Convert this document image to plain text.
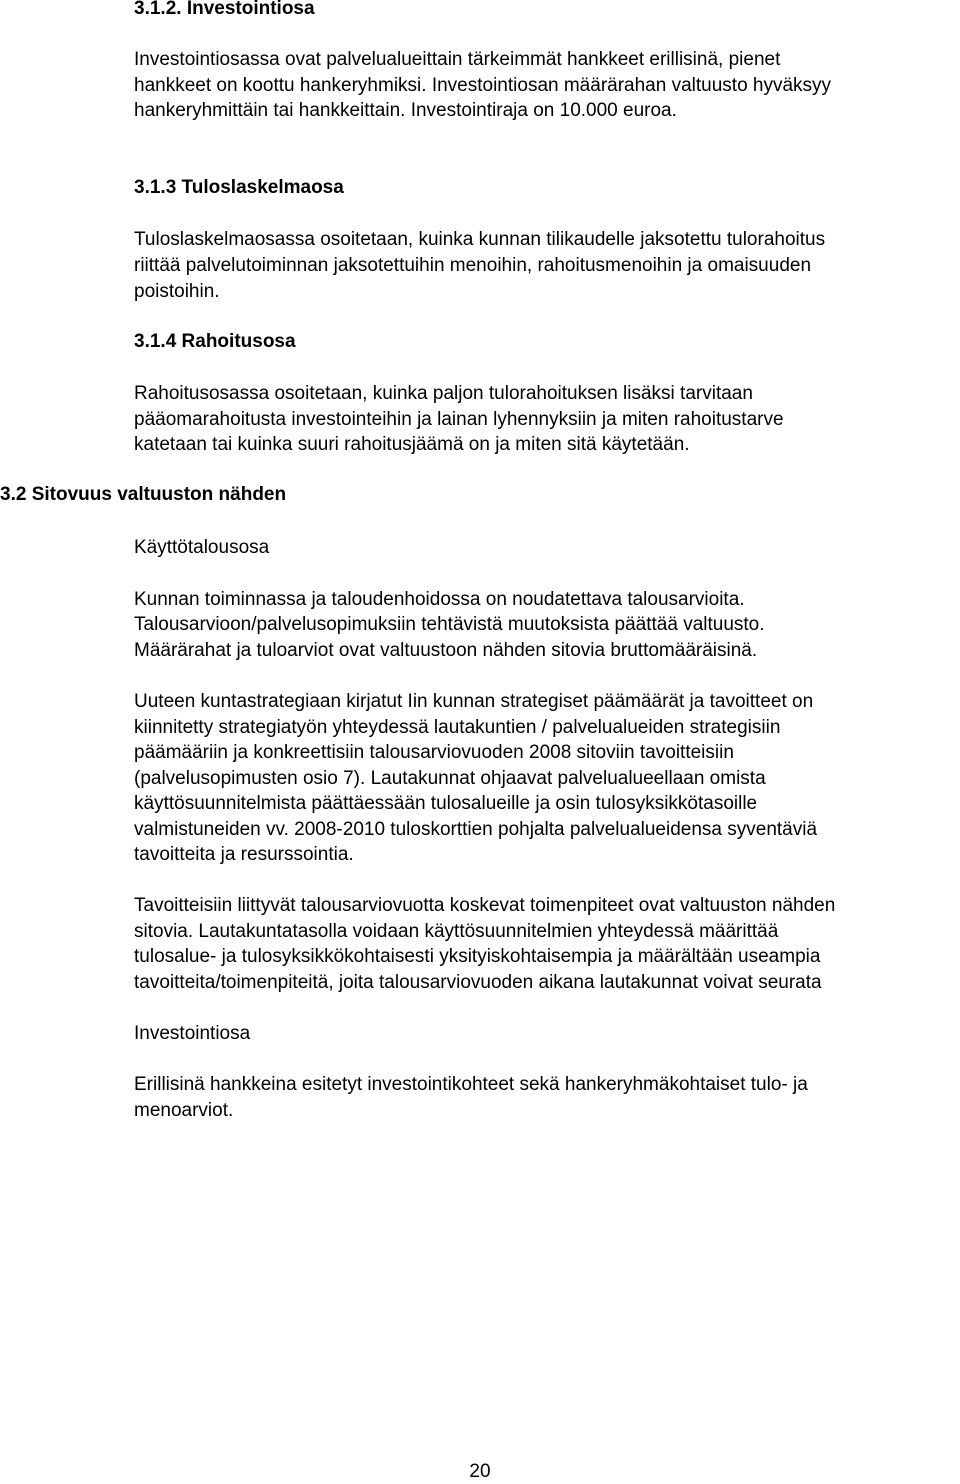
3.1.2. Investointiosa
Investointiosassa ovat palvelualueittain tärkeimmät hankkeet erillisinä, pienet
hankkeet on koottu hankeryhmiksi. Investointiosan määrärahan valtuusto hyväksyy
hankeryhmittäin tai hankkeittain. Investointiraja on 10.000 euroa.
3.1.3 Tuloslaskelmaosa
Tuloslaskelmaosassa osoitetaan, kuinka kunnan tilikaudelle jaksotettu tulorahoitus
riittää palvelutoiminnan jaksotettuihin menoihin, rahoitusmenoihin ja omaisuuden
poistoihin.
3.1.4 Rahoitusosa
Rahoitusosassa osoitetaan, kuinka paljon tulorahoituksen lisäksi tarvitaan
pääomarahoitusta investointeihin ja lainan lyhennyksiin ja miten rahoitustarve
katetaan tai kuinka suuri rahoitusjäämä on ja miten sitä käytetään.
3.2 Sitovuus valtuuston nähden
Käyttötalousosa
Kunnan toiminnassa ja taloudenhoidossa on noudatettava talousarvioita.
Talousarvioon/palvelusopimuksiin tehtävistä muutoksista päättää valtuusto.
Määrärahat ja tuloarviot ovat valtuustoon nähden sitovia bruttomääräisinä.
Uuteen kuntastrategiaan kirjatut Iin kunnan strategiset päämäärät ja tavoitteet on
kiinnitetty strategiatyön yhteydessä lautakuntien / palvelualueiden strategisiin
päämääriin ja konkreettisiin talousarviovuoden 2008 sitoviin tavoitteisiin
(palvelusopimusten osio 7). Lautakunnat ohjaavat palvelualueellaan omista
käyttösuunnitelmista päättäessään tulosalueille ja osin tulosyksikkötasoille
valmistuneiden vv. 2008-2010 tuloskorttien pohjalta palvelualueidensa syventäviä
tavoitteita ja resurssointia.
Tavoitteisiin liittyvät talousarviovuotta koskevat toimenpiteet ovat valtuuston nähden
sitovia. Lautakuntatasolla voidaan käyttösuunnitelmien yhteydessä määrittää
tulosalue- ja tulosyksikkökohtaisesti yksityiskohtaisempia ja määrältään useampia
tavoitteita/toimenpiteitä, joita talousarviovuoden aikana lautakunnat voivat seurata
Investointiosa
Erillisinä hankkeina esitetyt investointikohteet sekä hankeryhmäkohtaiset tulo- ja
menoarviot.
20
